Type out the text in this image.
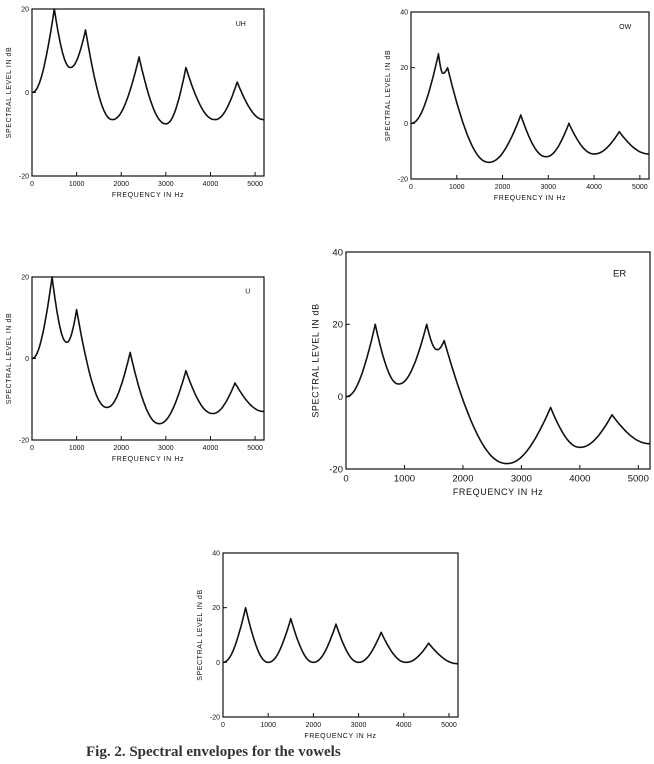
0	1000	2000	3000	4000	5000
-20
0
20
FREQUENCY IN Hz
SPECTRAL LEVEL IN dB
UH
0	1000	2000	3000	4000	5000
-20
0
20
40
FREQUENCY IN Hz
SPECTRAL LEVEL IN dB
OW
0	1000	2000	3000	4000	5000
-20
0
20
FREQUENCY IN Hz
SPECTRAL LEVEL IN dB
U
0	1000	2000	3000	4000	5000
-20
0
20
40
FREQUENCY IN Hz
SPECTRAL LEVEL IN dB
ER
0	1000	2000	3000	4000	5000
-20
0
20
40
FREQUENCY IN Hz
SPECTRAL LEVEL IN dB
Fig. 2. Spectral envelopes for the vowels
